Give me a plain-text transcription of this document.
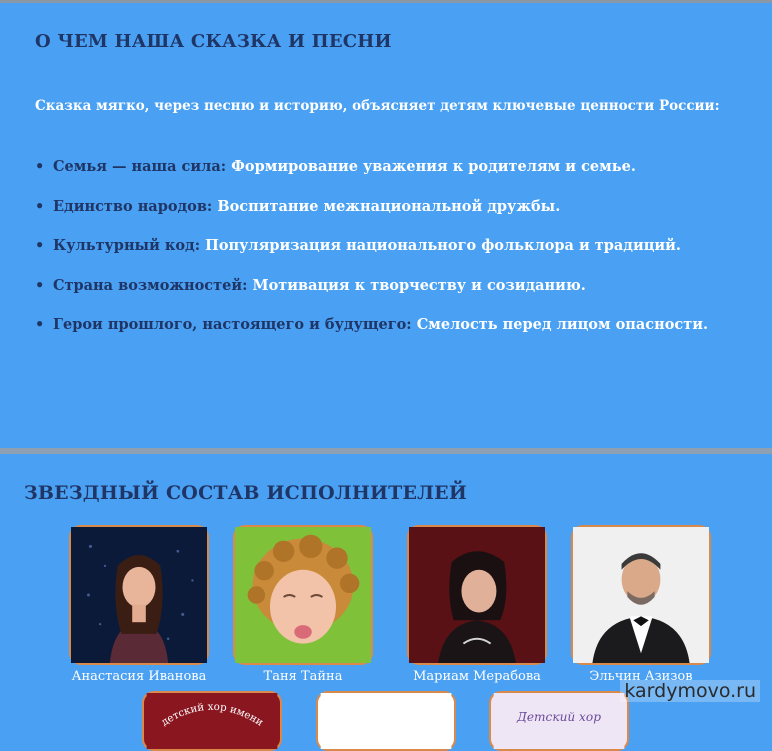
О ЧЕМ НАША СКАЗКА И ПЕСНИ

Сказка мягко, через песню и историю, объясняет детям ключевые ценности России:

• Семья — наша сила: Формирование уважения к родителям и семье.
• Единство народов: Воспитание межнациональной дружбы.
• Культурный код: Популяризация национального фольклора и традиций.
• Страна возможностей: Мотивация к творчеству и созиданию.
• Герои прошлого, настоящего и будущего: Смелость перед лицом опасности.
ЗВЕЗДНЫЙ СОСТАВ ИСПОЛНИТЕЛЕЙ
Анастасия Иванова	Таня Тайна	Мариам Мерабова	Эльчин Азизов
детский хор имени	Детский хор
kardymovo.ru
